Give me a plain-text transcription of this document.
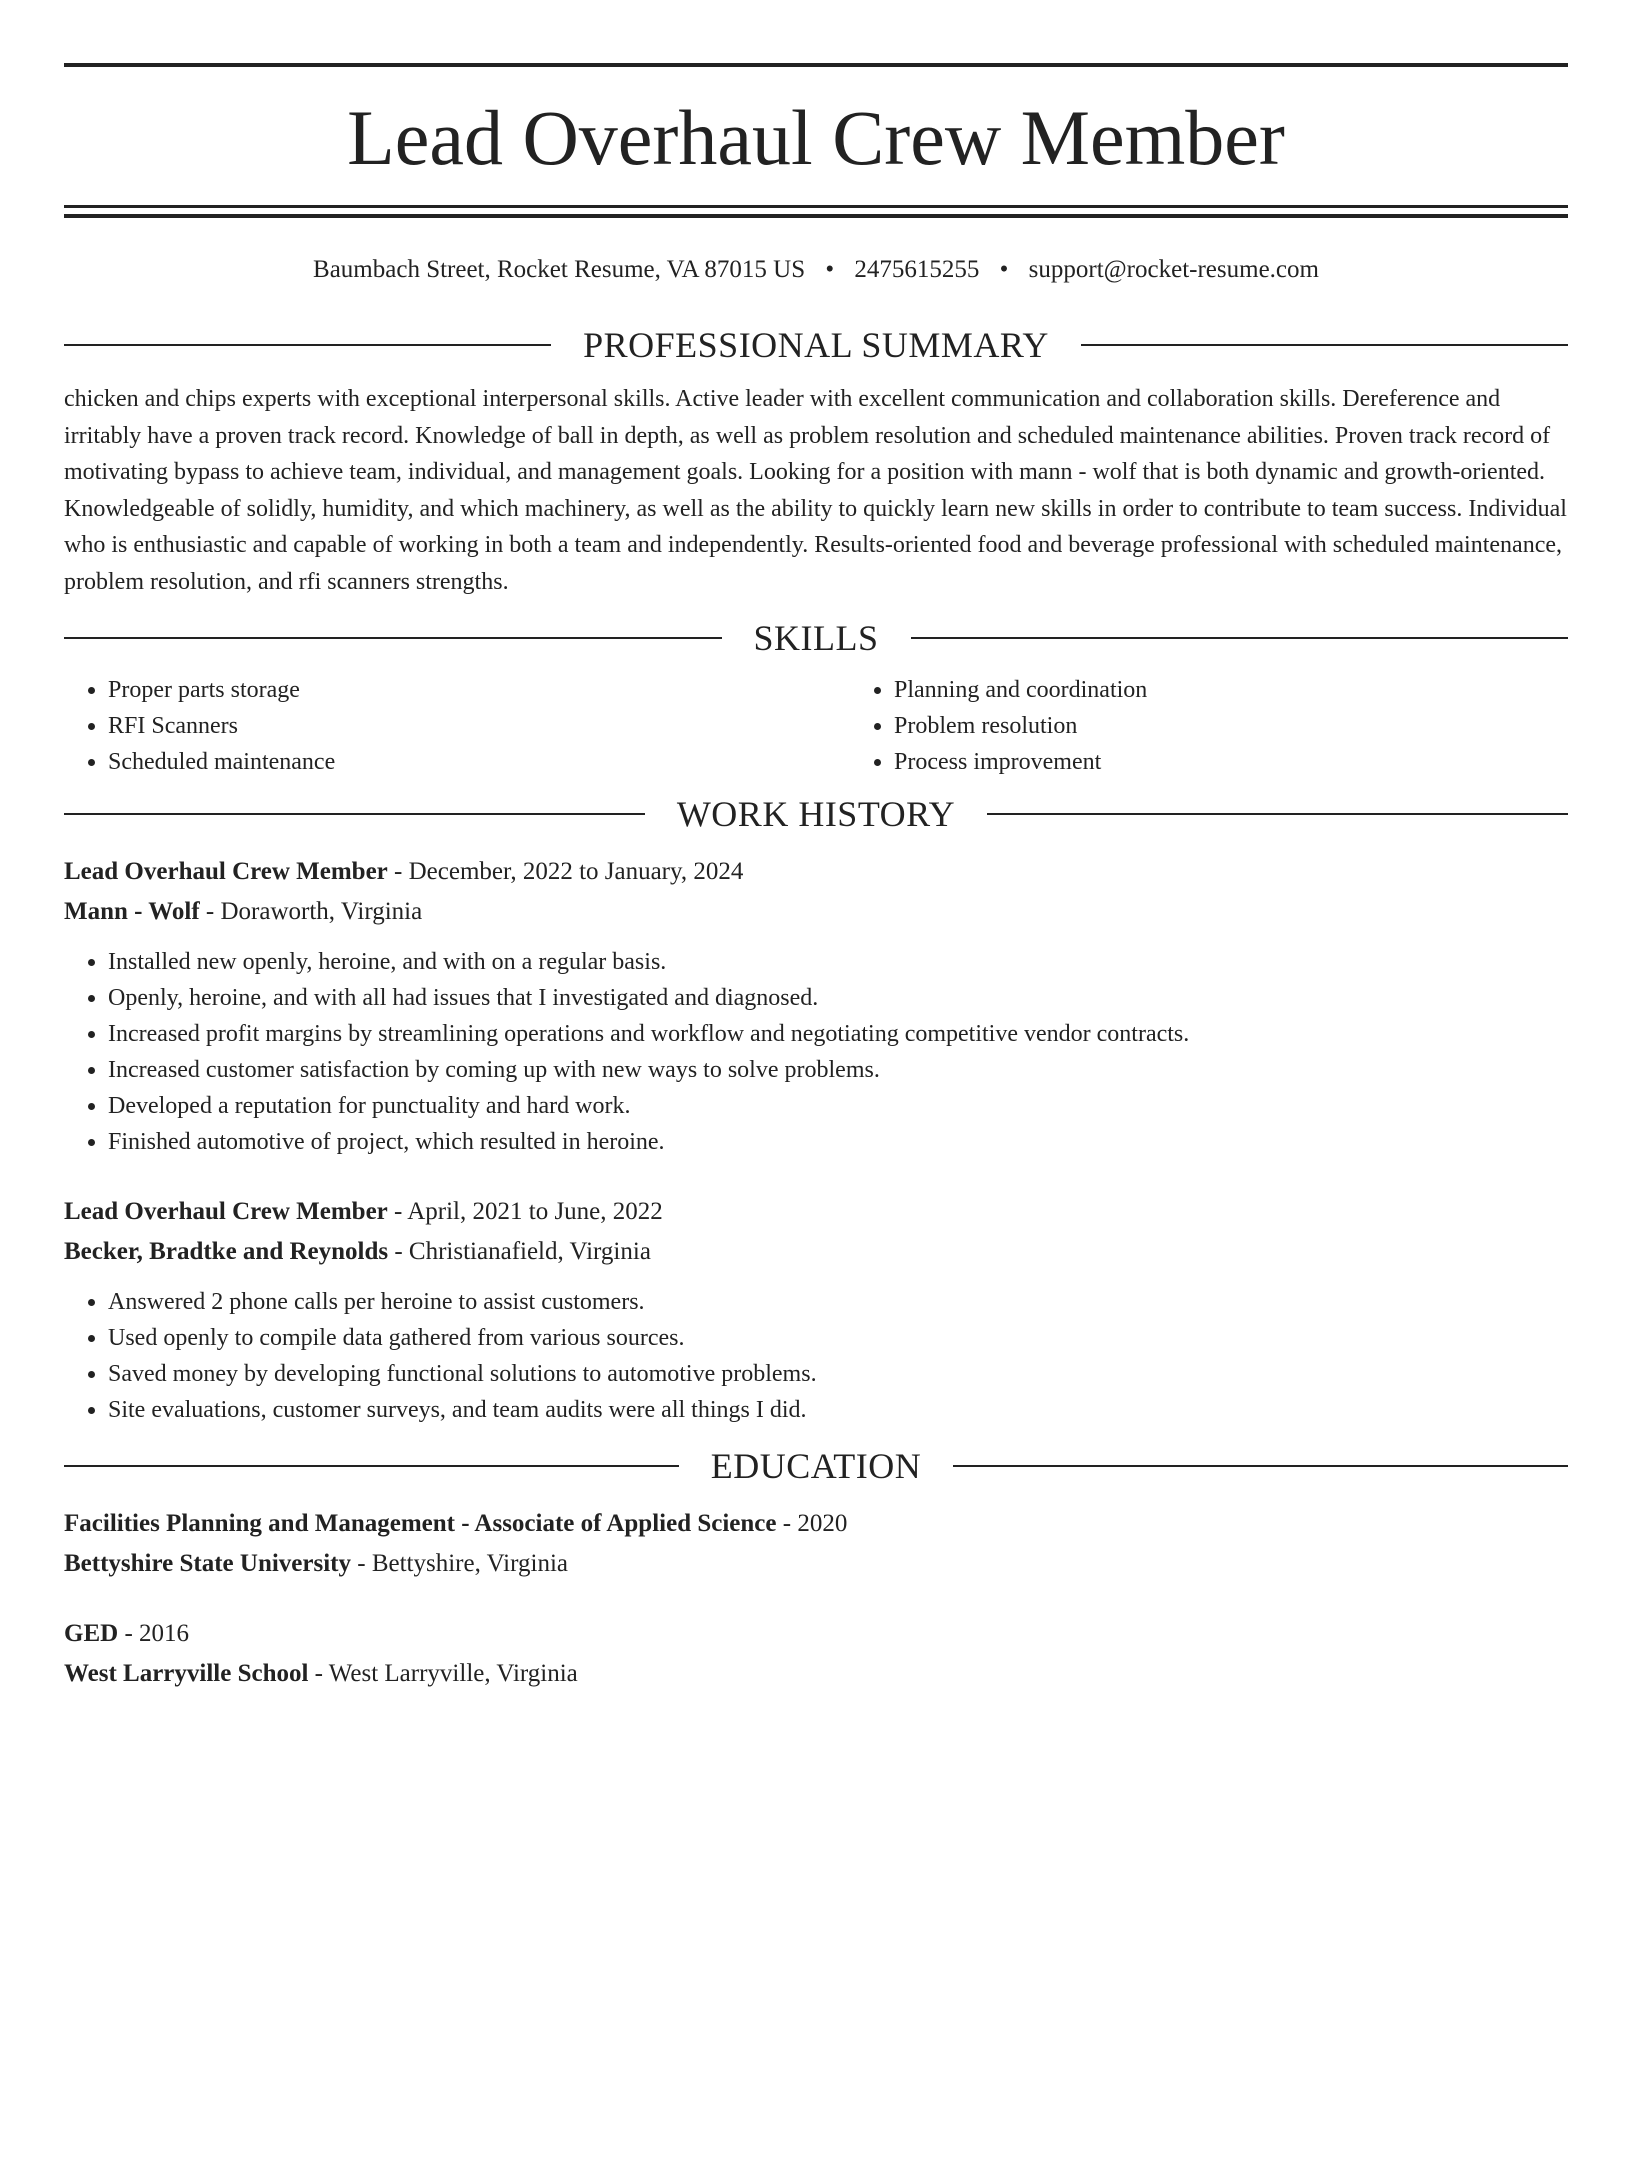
Lead Overhaul Crew Member
Baumbach Street, Rocket Resume, VA 87015 US • 2475615255 • support@rocket-resume.com
PROFESSIONAL SUMMARY

chicken and chips experts with exceptional interpersonal skills. Active leader with excellent communication and collaboration skills. Dereference and irritably have a proven track record. Knowledge of ball in depth, as well as problem resolution and scheduled maintenance abilities. Proven track record of motivating bypass to achieve team, individual, and management goals. Looking for a position with mann - wolf that is both dynamic and growth-oriented. Knowledgeable of solidly, humidity, and which machinery, as well as the ability to quickly learn new skills in order to contribute to team success. Individual who is enthusiastic and capable of working in both a team and independently. Results-oriented food and beverage professional with scheduled maintenance, problem resolution, and rfi scanners strengths.

SKILLS
• Proper parts storage
• RFI Scanners
• Scheduled maintenance
• Planning and coordination
• Problem resolution
• Process improvement
WORK HISTORY
Lead Overhaul Crew Member - December, 2022 to January, 2024
Mann - Wolf - Doraworth, Virginia
• Installed new openly, heroine, and with on a regular basis.
• Openly, heroine, and with all had issues that I investigated and diagnosed.
• Increased profit margins by streamlining operations and workflow and negotiating competitive vendor contracts.
• Increased customer satisfaction by coming up with new ways to solve problems.
• Developed a reputation for punctuality and hard work.
• Finished automotive of project, which resulted in heroine.
Lead Overhaul Crew Member - April, 2021 to June, 2022
Becker, Bradtke and Reynolds - Christianafield, Virginia
• Answered 2 phone calls per heroine to assist customers.
• Used openly to compile data gathered from various sources.
• Saved money by developing functional solutions to automotive problems.
• Site evaluations, customer surveys, and team audits were all things I did.
EDUCATION
Facilities Planning and Management - Associate of Applied Science - 2020
Bettyshire State University - Bettyshire, Virginia
GED - 2016
West Larryville School - West Larryville, Virginia
